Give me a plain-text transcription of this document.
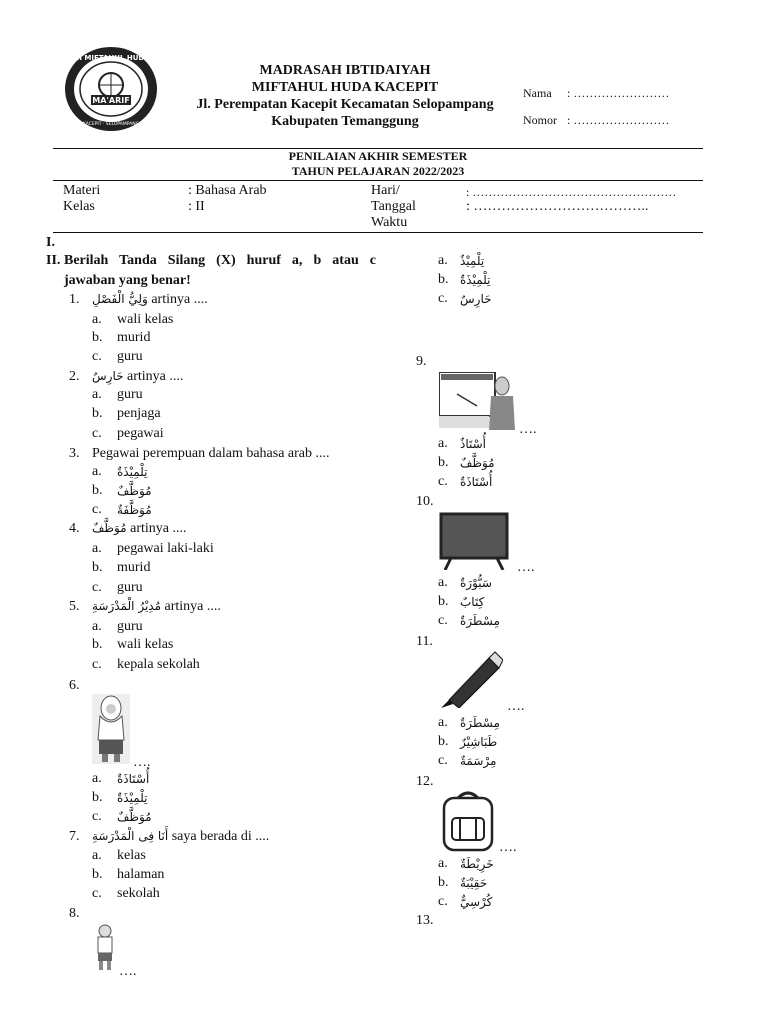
MI MIFTAHUL HUDA
MA'ARIF
KACEPIT · SELOPAMPANG
MADRASAH IBTIDAIYAH
MIFTAHUL HUDA KACEPIT
Jl. Perempatan Kacepit Kecamatan Selopampang
Kabupaten Temanggung
Nama : ……………………
Nomor : ……………………
PENILAIAN AKHIR SEMESTER
TAHUN PELAJARAN 2022/2023
Materi	: Bahasa Arab
Kelas	: II
Hari/	: ……………………………………………
Tanggal	: ………………………………..
Waktu
I.
II. Berilah Tanda Silang (X) huruf a, b atau c
jawaban yang benar!
1. وَلِيُّ الْفَصْلِ artinya ....
a. wali kelas
b. murid
c. guru
2. حَارِسٌ artinya ....
a. guru
b. penjaga
c. pegawai
3. Pegawai perempuan dalam bahasa arab ....
a. تِلْمِيْذَةٌ
b. مُوَظَّفٌ
c. مُوَظَّفَةٌ
4. مُوَظَّفٌ artinya ....
a. pegawai laki-laki
b. murid
c. guru
5. مُدِيْرُ الْمَدْرَسَةِ artinya ....
a. guru
b. wali kelas
c. kepala sekolah
6.
….
a. أُسْتَاذَةٌ
b. تِلْمِيْذَةٌ
c. مُوَظَّفٌ
7. أَنَا فِى الْمَدْرَسَةِ saya berada di ....
a. kelas
b. halaman
c. sekolah
8.
….
a. تِلْمِيْذٌ
b. تِلْمِيْذَةٌ
c. حَارِسٌ
9.
….
a. أُسْتَاذٌ
b. مُوَظَّفٌ
c. أُسْتَاذَةٌ
10.
….
a. سَبُّوْرَةٌ
b. كِتَابٌ
c. مِسْطَرَةٌ
11.
….
a. مِسْطَرَةٌ
b. طَبَاشِيْرٌ
c. مِرْسَمَةٌ
12.
….
a. خَرِيْطَةٌ
b. حَقِيْبَةٌ
c. كُرْسِيٌّ
13.
